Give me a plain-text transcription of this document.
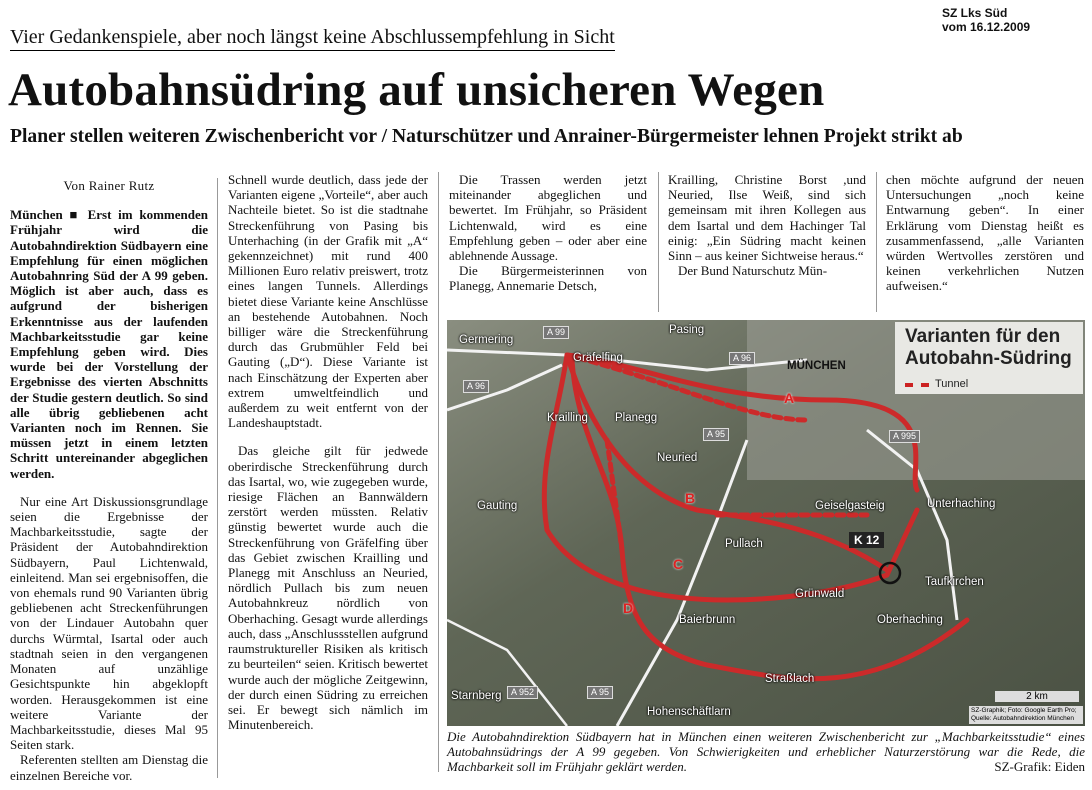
SZ Lks Süd
vom 16.12.2009
Vier Gedankenspiele, aber noch längst keine Abschlussempfehlung in Sicht
Autobahnsüdring auf unsicheren Wegen
Planer stellen weiteren Zwischenbericht vor / Naturschützer und Anrainer-Bürgermeister lehnen Projekt strikt ab
Von Rainer Rutz

München ■ Erst im kommenden Frühjahr wird die Autobahndirektion Südbayern eine Empfehlung für einen möglichen Autobahnring Süd der A 99 geben. Möglich ist aber auch, dass es aufgrund der bisherigen Erkenntnisse aus der laufenden Machbarkeitsstudie gar keine Empfehlung geben wird. Dies wurde bei der Vorstellung der Ergebnisse des vierten Abschnitts der Studie gestern deutlich. So sind alle übrig gebliebenen acht Varianten noch im Rennen. Sie müssen jetzt in einem letzten Schritt untereinander abgeglichen werden.

Nur eine Art Diskussionsgrundlage seien die Ergebnisse der Machbarkeitsstudie, sagte der Präsident der Autobahndirektion Südbayern, Paul Lichtenwald, einleitend. Man sei ergebnisoffen, die von ehemals rund 90 Varianten übrig gebliebenen acht Streckenführungen von der Lindauer Autobahn quer durchs Würmtal, Isartal oder auch stadtnah seien in den vergangenen Monaten auf unzählige Gesichtspunkte hin abgeklopft worden. Herausgekommen ist eine weitere Variante der Machbarkeitsstudie, dieses Mal 95 Seiten stark.

Referenten stellten am Dienstag die einzelnen Bereiche vor.

Schnell wurde deutlich, dass jede der Varianten eigene „Vorteile“, aber auch Nachteile bietet. So ist die stadtnahe Streckenführung von Pasing bis Unterhaching (in der Grafik mit „A“ gekennzeichnet) mit rund 400 Millionen Euro relativ preiswert, trotz eines langen Tunnels. Allerdings bietet diese Variante keine Anschlüsse an bestehende Autobahnen. Noch billiger wäre die Streckenführung durch das Grubmühler Feld bei Gauting („D“). Diese Variante ist nach Einschätzung der Experten aber extrem umweltfeindlich und außerdem zu weit entfernt von der Landeshauptstadt.

Das gleiche gilt für jedwede oberirdische Streckenführung durch das Isartal, wo, wie zugegeben wurde, riesige Flächen an Bannwäldern zerstört werden müssten. Relativ günstig bewertet wurde auch die Streckenführung von Gräfelfing über das Gebiet zwischen Krailling und Planegg mit Anschluss an Neuried, nördlich Pullach bis zum neuen Autobahnkreuz nördlich von Oberhaching. Gesagt wurde allerdings auch, dass „Anschlussstellen aufgrund raumstruktureller Risiken als kritisch zu beurteilen“ seien. Kritisch bewertet wurde auch der mögliche Zeitgewinn, der durch einen Südring zu erreichen sei. Er bewegt sich nämlich im Minutenbereich.

Die Trassen werden jetzt miteinander abgeglichen und bewertet. Im Frühjahr, so Präsident Lichtenwald, wird es eine Empfehlung geben – oder aber eine ablehnende Aussage.

Die Bürgermeisterinnen von Planegg, Annemarie Detsch,

Krailling, Christine Borst ,und Neuried, Ilse Weiß, sind sich gemeinsam mit ihren Kollegen aus dem Isartal und dem Hachinger Tal einig: „Ein Südring macht keinen Sinn – aus keiner Sichtweise heraus.“

Der Bund Naturschutz Mün-

chen möchte aufgrund der neuen Untersuchungen „noch keine Entwarnung geben“. In einer Erklärung vom Dienstag heißt es zusammenfassend, „alle Varianten würden Wertvolles zerstören und keinen verkehrlichen Nutzen aufweisen.“

Varianten für den
Autobahn-Südring
Tunnel
Germering
Pasing
Gräfelfing
MÜNCHEN
Krailling Planegg
Neuried
Gauting	Geiselgasteig	Unterhaching
Pullach
Taufkirchen
Grünwald
Baierbrunn	Oberhaching
Straßlach
Starnberg
Hohenschäftlarn
A
B
C
D
A 99
A 96
A 96
A 95	A 995
A 952	A 95
K 12
2 km
SZ-Graphik; Foto: Google Earth Pro; Quelle: Autobahndirektion München
Die Autobahndirektion Südbayern hat in München einen weiteren Zwischenbericht zur „Machbarkeitsstudie“ eines Autobahnsüdrings der A 99 gegeben. Von Schwierigkeiten und erheblicher Naturzerstörung war die Rede, die Machbarkeit soll im Frühjahr geklärt werden.	SZ-Grafik: Eiden
